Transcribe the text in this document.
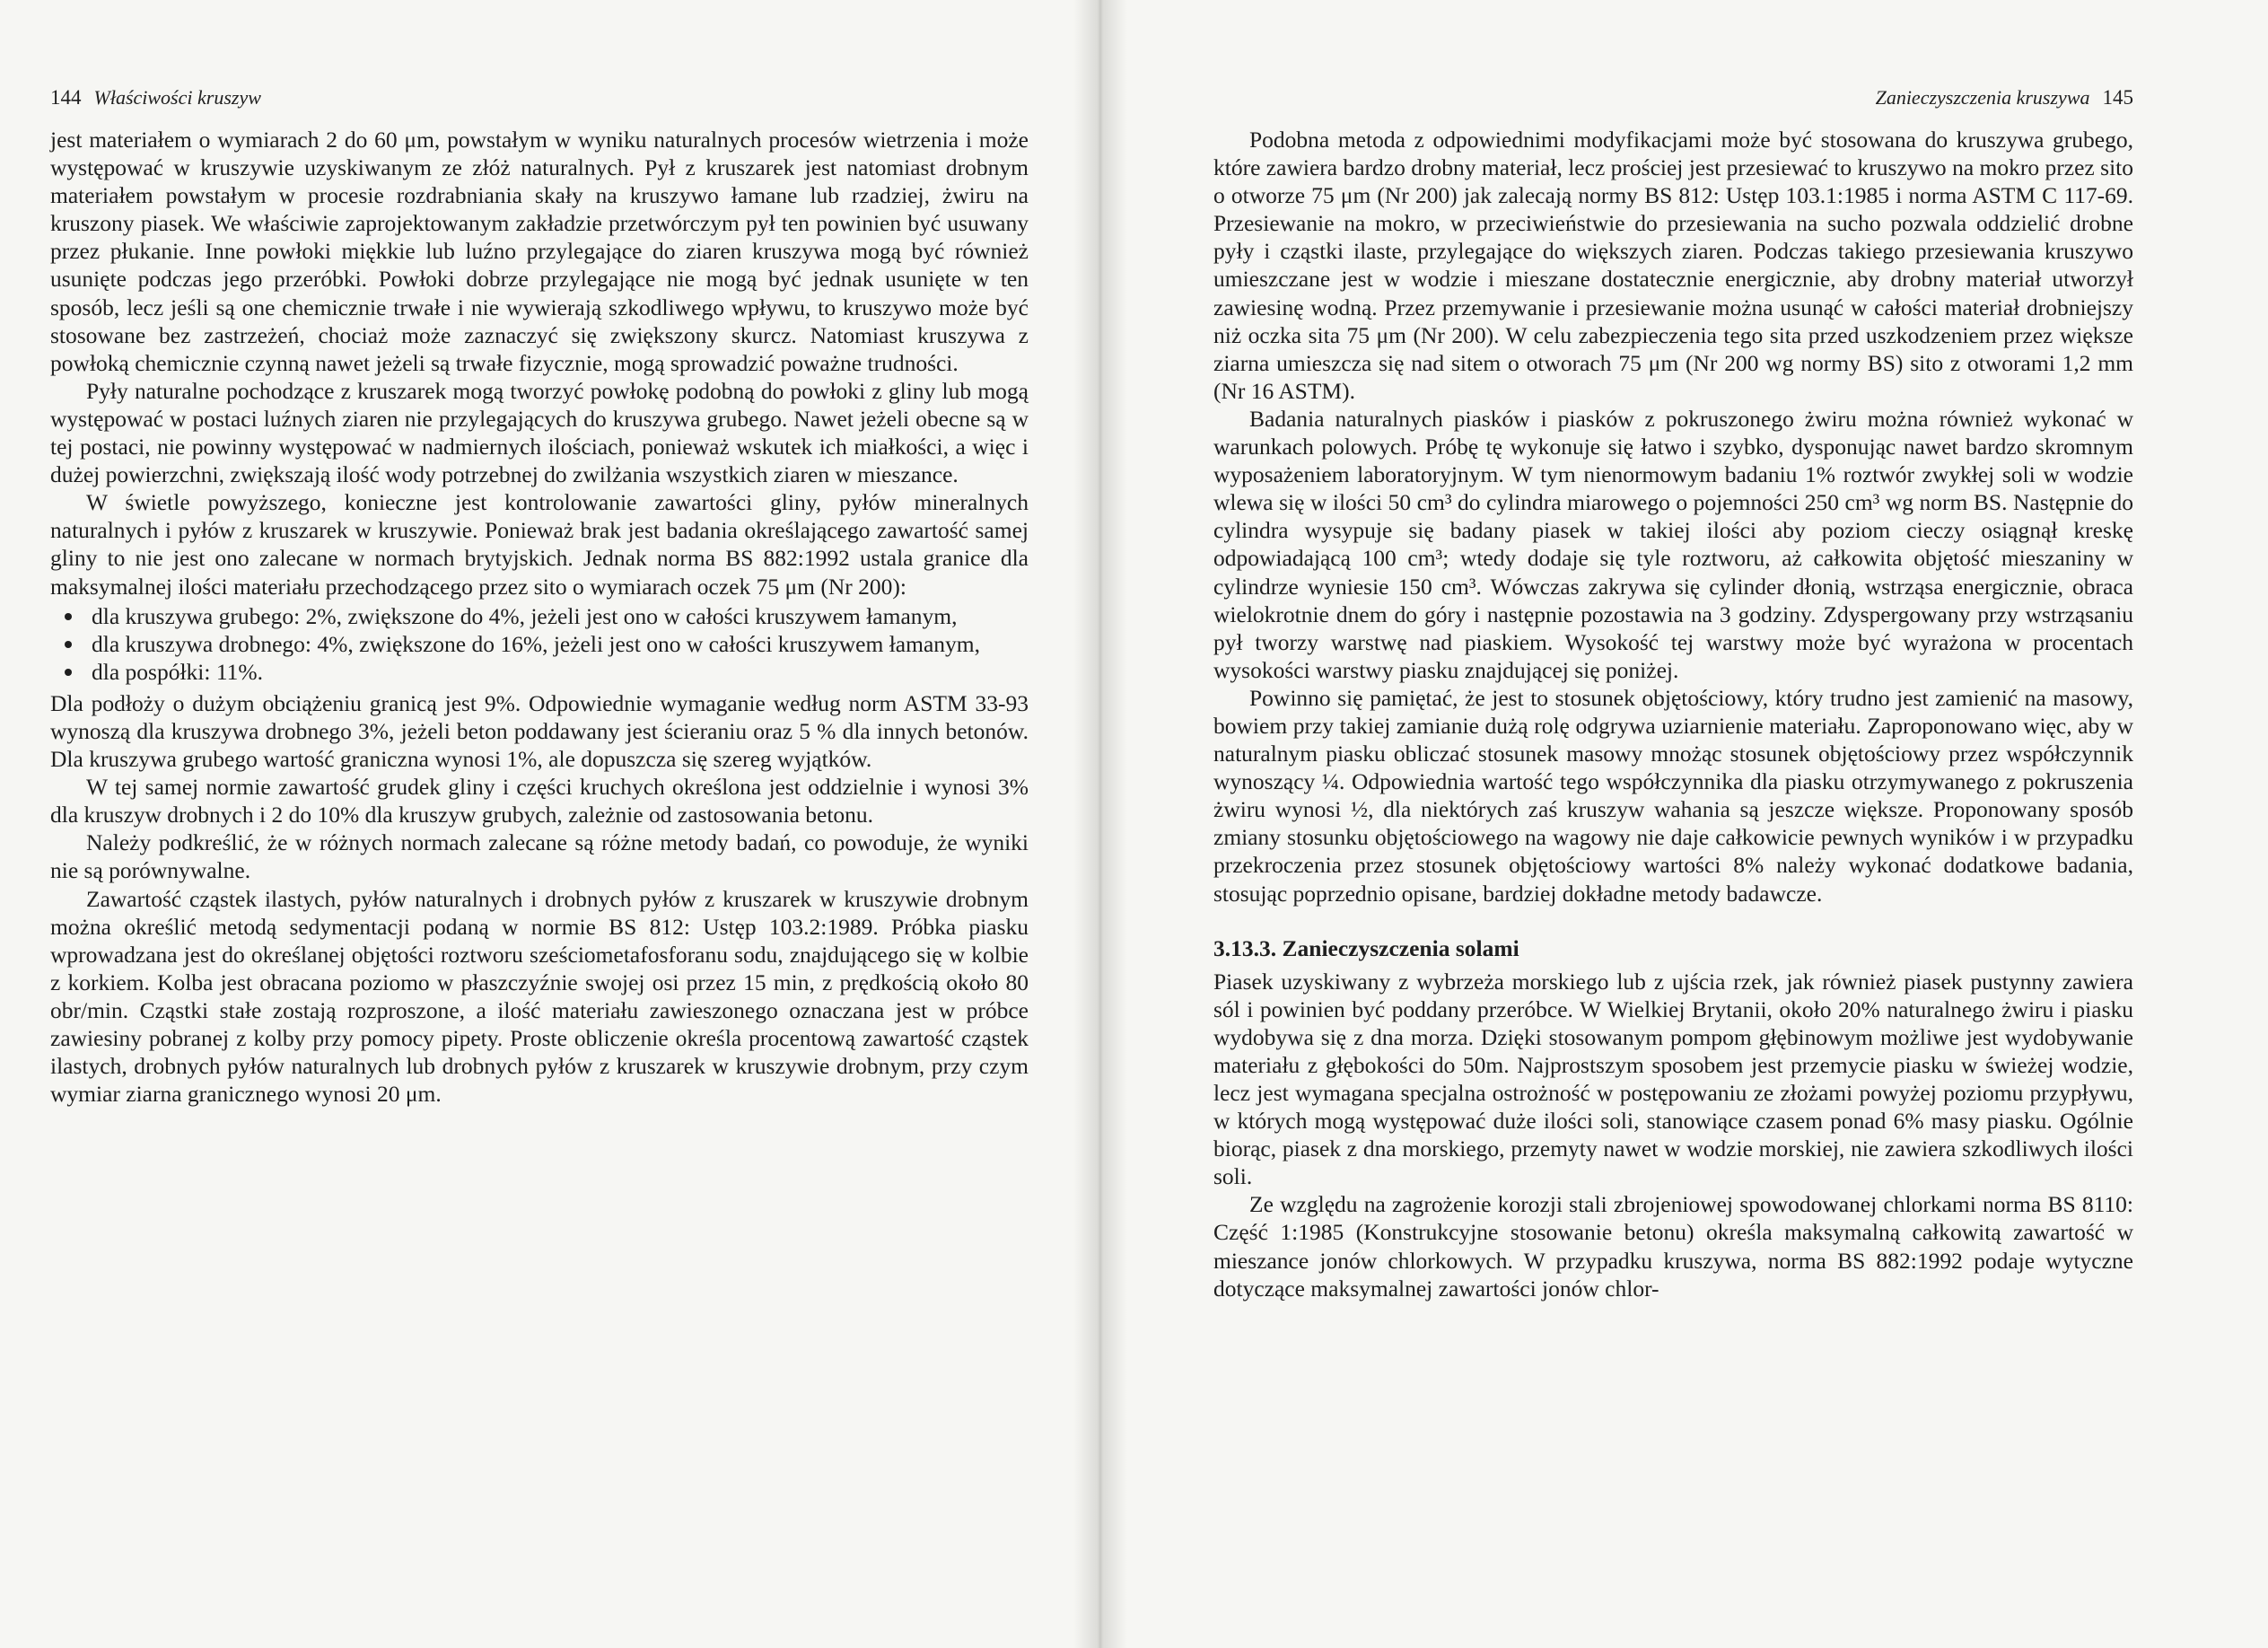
144 Właściwości kruszyw

jest materiałem o wymiarach 2 do 60 μm, powstałym w wyniku naturalnych procesów wietrzenia i może występować w kruszywie uzyskiwanym ze złóż naturalnych. Pył z kruszarek jest natomiast drobnym materiałem powstałym w procesie rozdrabniania skały na kruszywo łamane lub rzadziej, żwiru na kruszony piasek. We właściwie zaprojektowanym zakładzie przetwórczym pył ten powinien być usuwany przez płukanie. Inne powłoki miękkie lub luźno przylegające do ziaren kruszywa mogą być również usunięte podczas jego przeróbki. Powłoki dobrze przylegające nie mogą być jednak usunięte w ten sposób, lecz jeśli są one chemicznie trwałe i nie wywierają szkodliwego wpływu, to kruszywo może być stosowane bez zastrzeżeń, chociaż może zaznaczyć się zwiększony skurcz. Natomiast kruszywa z powłoką chemicznie czynną nawet jeżeli są trwałe fizycznie, mogą sprowadzić poważne trudności.

Pyły naturalne pochodzące z kruszarek mogą tworzyć powłokę podobną do powłoki z gliny lub mogą występować w postaci luźnych ziaren nie przylegających do kruszywa grubego. Nawet jeżeli obecne są w tej postaci, nie powinny występować w nadmiernych ilościach, ponieważ wskutek ich miałkości, a więc i dużej powierzchni, zwiększają ilość wody potrzebnej do zwilżania wszystkich ziaren w mieszance.

W świetle powyższego, konieczne jest kontrolowanie zawartości gliny, pyłów mineralnych naturalnych i pyłów z kruszarek w kruszywie. Ponieważ brak jest badania określającego zawartość samej gliny to nie jest ono zalecane w normach brytyjskich. Jednak norma BS 882:1992 ustala granice dla maksymalnej ilości materiału przechodzącego przez sito o wymiarach oczek 75 μm (Nr 200):

dla kruszywa grubego: 2%, zwiększone do 4%, jeżeli jest ono w całości kruszywem łamanym,
dla kruszywa drobnego: 4%, zwiększone do 16%, jeżeli jest ono w całości kruszywem łamanym,
dla pospółki: 11%.

Dla podłoży o dużym obciążeniu granicą jest 9%. Odpowiednie wymaganie według norm ASTM 33-93 wynoszą dla kruszywa drobnego 3%, jeżeli beton poddawany jest ścieraniu oraz 5 % dla innych betonów. Dla kruszywa grubego wartość graniczna wynosi 1%, ale dopuszcza się szereg wyjątków.

W tej samej normie zawartość grudek gliny i części kruchych określona jest oddzielnie i wynosi 3% dla kruszyw drobnych i 2 do 10% dla kruszyw grubych, zależnie od zastosowania betonu.

Należy podkreślić, że w różnych normach zalecane są różne metody badań, co powoduje, że wyniki nie są porównywalne.

Zawartość cząstek ilastych, pyłów naturalnych i drobnych pyłów z kruszarek w kruszywie drobnym można określić metodą sedymentacji podaną w normie BS 812: Ustęp 103.2:1989. Próbka piasku wprowadzana jest do określanej objętości roztworu sześciometafosforanu sodu, znajdującego się w kolbie z korkiem. Kolba jest obracana poziomo w płaszczyźnie swojej osi przez 15 min, z prędkością około 80 obr/min. Cząstki stałe zostają rozproszone, a ilość materiału zawieszonego oznaczana jest w próbce zawiesiny pobranej z kolby przy pomocy pipety. Proste obliczenie określa procentową zawartość cząstek ilastych, drobnych pyłów naturalnych lub drobnych pyłów z kruszarek w kruszywie drobnym, przy czym wymiar ziarna granicznego wynosi 20 μm.

Zanieczyszczenia kruszywa 145

Podobna metoda z odpowiednimi modyfikacjami może być stosowana do kruszywa grubego, które zawiera bardzo drobny materiał, lecz prościej jest przesiewać to kruszywo na mokro przez sito o otworze 75 μm (Nr 200) jak zalecają normy BS 812: Ustęp 103.1:1985 i norma ASTM C 117-69. Przesiewanie na mokro, w przeciwieństwie do przesiewania na sucho pozwala oddzielić drobne pyły i cząstki ilaste, przylegające do większych ziaren. Podczas takiego przesiewania kruszywo umieszczane jest w wodzie i mieszane dostatecznie energicznie, aby drobny materiał utworzył zawiesinę wodną. Przez przemywanie i przesiewanie można usunąć w całości materiał drobniejszy niż oczka sita 75 μm (Nr 200). W celu zabezpieczenia tego sita przed uszkodzeniem przez większe ziarna umieszcza się nad sitem o otworach 75 μm (Nr 200 wg normy BS) sito z otworami 1,2 mm (Nr 16 ASTM).

Badania naturalnych piasków i piasków z pokruszonego żwiru można również wykonać w warunkach polowych. Próbę tę wykonuje się łatwo i szybko, dysponując nawet bardzo skromnym wyposażeniem laboratoryjnym. W tym nienormowym badaniu 1% roztwór zwykłej soli w wodzie wlewa się w ilości 50 cm³ do cylindra miarowego o pojemności 250 cm³ wg norm BS. Następnie do cylindra wysypuje się badany piasek w takiej ilości aby poziom cieczy osiągnął kreskę odpowiadającą 100 cm³; wtedy dodaje się tyle roztworu, aż całkowita objętość mieszaniny w cylindrze wyniesie 150 cm³. Wówczas zakrywa się cylinder dłonią, wstrząsa energicznie, obraca wielokrotnie dnem do góry i następnie pozostawia na 3 godziny. Zdyspergowany przy wstrząsaniu pył tworzy warstwę nad piaskiem. Wysokość tej warstwy może być wyrażona w procentach wysokości warstwy piasku znajdującej się poniżej.

Powinno się pamiętać, że jest to stosunek objętościowy, który trudno jest zamienić na masowy, bowiem przy takiej zamianie dużą rolę odgrywa uziarnienie materiału. Zaproponowano więc, aby w naturalnym piasku obliczać stosunek masowy mnożąc stosunek objętościowy przez współczynnik wynoszący ¼. Odpowiednia wartość tego współczynnika dla piasku otrzymywanego z pokruszenia żwiru wynosi ½, dla niektórych zaś kruszyw wahania są jeszcze większe. Proponowany sposób zmiany stosunku objętościowego na wagowy nie daje całkowicie pewnych wyników i w przypadku przekroczenia przez stosunek objętościowy wartości 8% należy wykonać dodatkowe badania, stosując poprzednio opisane, bardziej dokładne metody badawcze.

3.13.3. Zanieczyszczenia solami

Piasek uzyskiwany z wybrzeża morskiego lub z ujścia rzek, jak również piasek pustynny zawiera sól i powinien być poddany przeróbce. W Wielkiej Brytanii, około 20% naturalnego żwiru i piasku wydobywa się z dna morza. Dzięki stosowanym pompom głębinowym możliwe jest wydobywanie materiału z głębokości do 50m. Najprostszym sposobem jest przemycie piasku w świeżej wodzie, lecz jest wymagana specjalna ostrożność w postępowaniu ze złożami powyżej poziomu przypływu, w których mogą występować duże ilości soli, stanowiące czasem ponad 6% masy piasku. Ogólnie biorąc, piasek z dna morskiego, przemyty nawet w wodzie morskiej, nie zawiera szkodliwych ilości soli.

Ze względu na zagrożenie korozji stali zbrojeniowej spowodowanej chlorkami norma BS 8110: Część 1:1985 (Konstrukcyjne stosowanie betonu) określa maksymalną całkowitą zawartość w mieszance jonów chlorkowych. W przypadku kruszywa, norma BS 882:1992 podaje wytyczne dotyczące maksymalnej zawartości jonów chlor-
